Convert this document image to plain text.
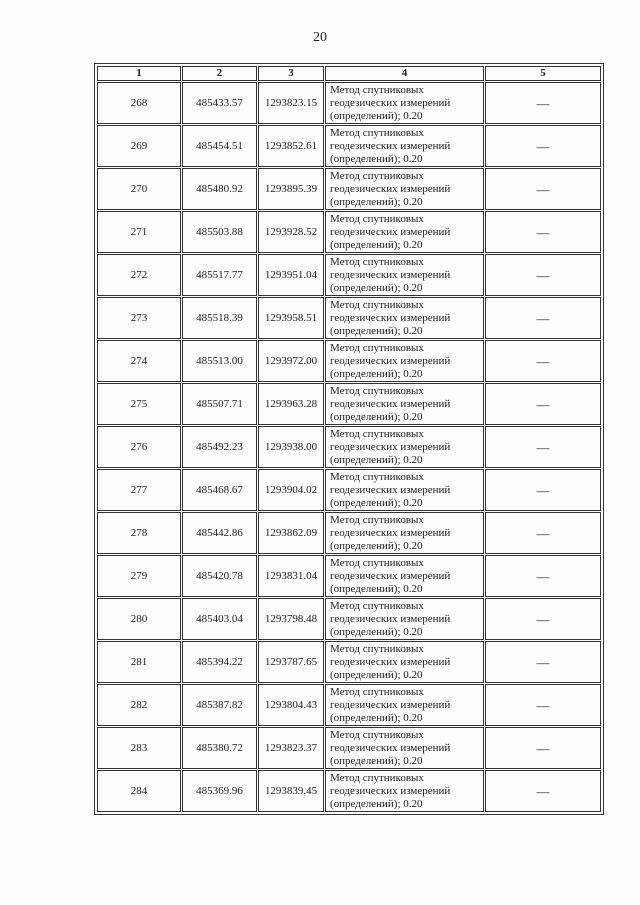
20
1	2	3	4	5
268	485433.57	1293823.15	Метод спутниковых
геодезических измерений
(определений); 0.20	—
269	485454.51	1293852.61	Метод спутниковых
геодезических измерений
(определений); 0.20	—
270	485480.92	1293895.39	Метод спутниковых
геодезических измерений
(определений); 0.20	—
271	485503.88	1293928.52	Метод спутниковых
геодезических измерений
(определений); 0.20	—
272	485517.77	1293951.04	Метод спутниковых
геодезических измерений
(определений); 0.20	—
273	485518.39	1293958.51	Метод спутниковых
геодезических измерений
(определений); 0.20	—
274	485513.00	1293972.00	Метод спутниковых
геодезических измерений
(определений); 0.20	—
275	485507.71	1293963.28	Метод спутниковых
геодезических измерений
(определений); 0.20	—
276	485492.23	1293938.00	Метод спутниковых
геодезических измерений
(определений); 0.20	—
277	485468.67	1293904.02	Метод спутниковых
геодезических измерений
(определений); 0.20	—
278	485442.86	1293862.09	Метод спутниковых
геодезических измерений
(определений); 0.20	—
279	485420.78	1293831.04	Метод спутниковых
геодезических измерений
(определений); 0.20	—
280	485403.04	1293798.48	Метод спутниковых
геодезических измерений
(определений); 0.20	—
281	485394.22	1293787.65	Метод спутниковых
геодезических измерений
(определений); 0.20	—
282	485387.82	1293804.43	Метод спутниковых
геодезических измерений
(определений); 0.20	—
283	485380.72	1293823.37	Метод спутниковых
геодезических измерений
(определений); 0.20	—
284	485369.96	1293839.45	Метод спутниковых
геодезических измерений
(определений); 0.20	—
